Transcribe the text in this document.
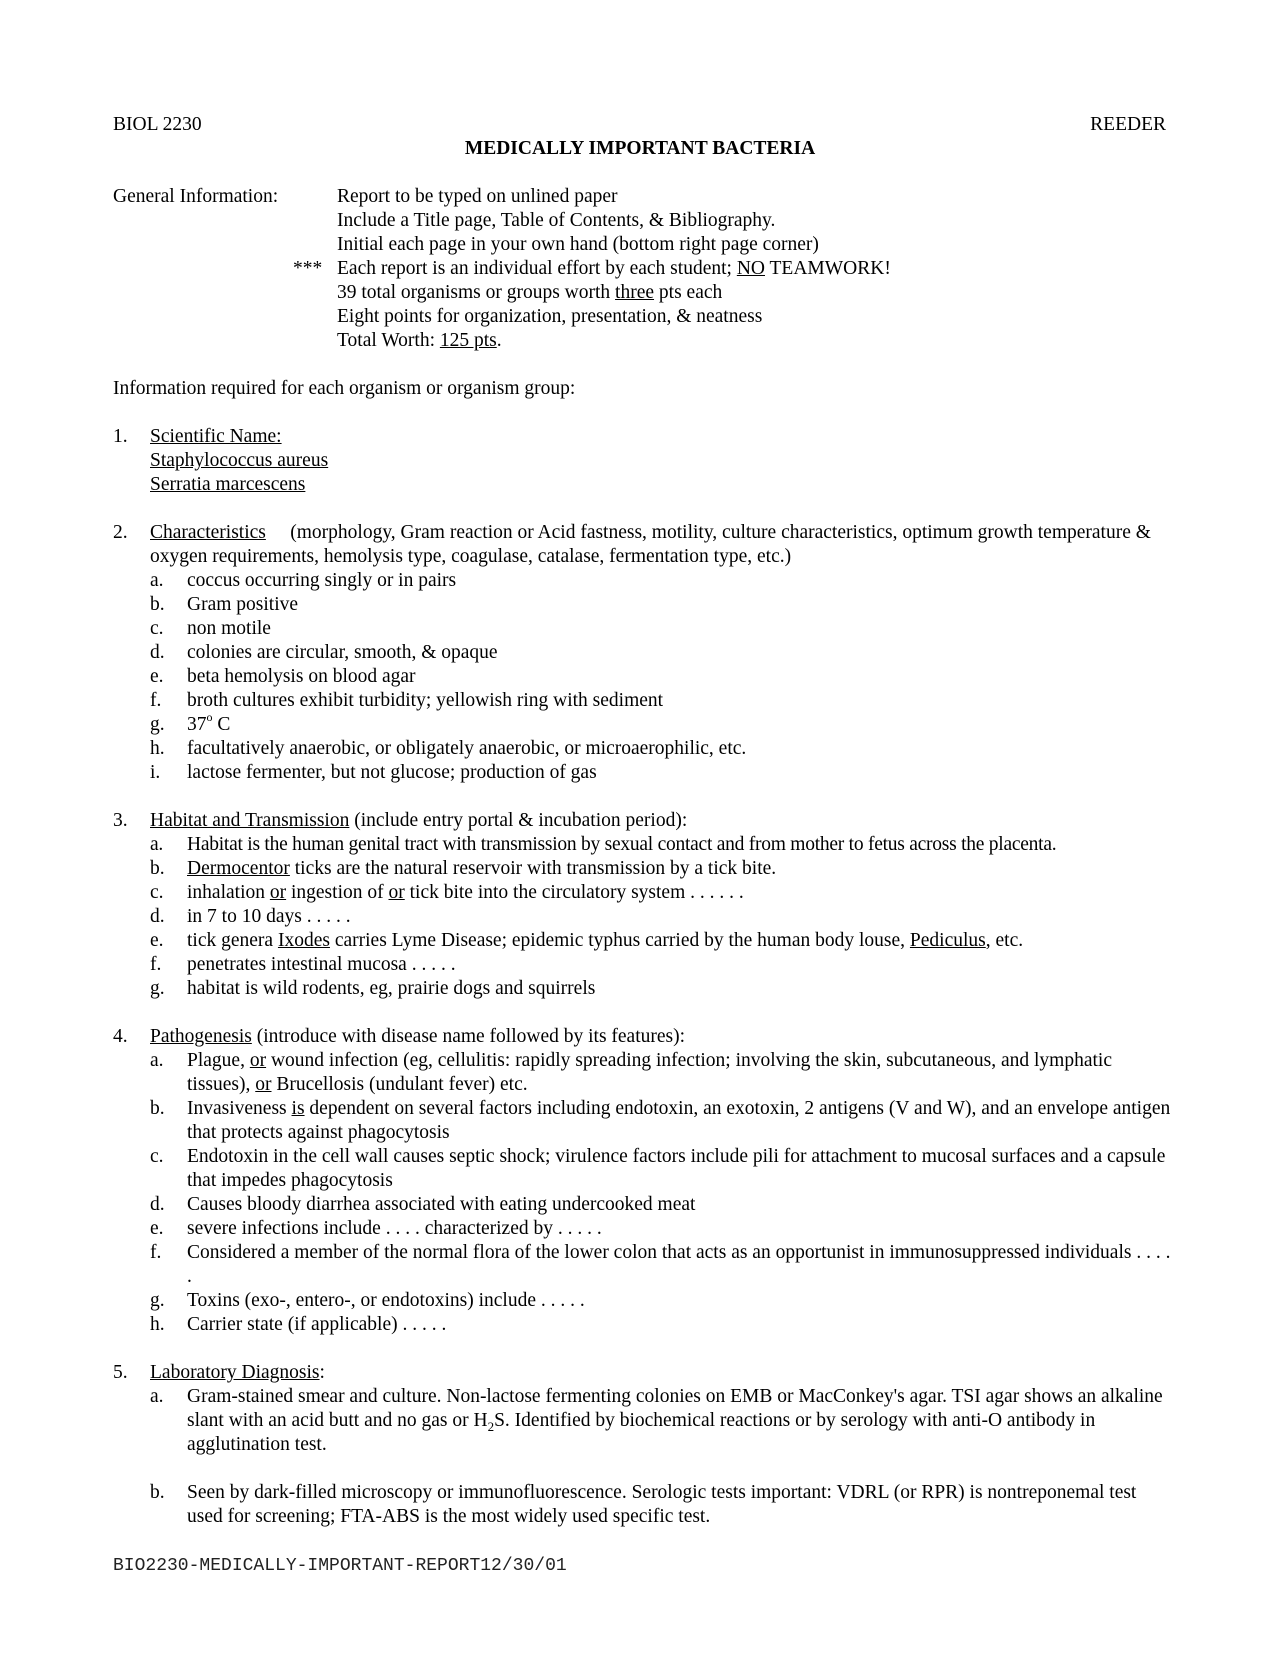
BIOL 2230	REEDER
MEDICALLY IMPORTANT BACTERIA
General Information:	Report to be typed on unlined paper
Include a Title page, Table of Contents, & Bibliography.
Initial each page in your own hand (bottom right page corner)
*** Each report is an individual effort by each student; NO TEAMWORK!
39 total organisms or groups worth three pts each
Eight points for organization, presentation, & neatness
Total Worth: 125 pts.
Information required for each organism or organism group:
1. Scientific Name:
Staphylococcus aureus
Serratia marcescens
2. Characteristics (morphology, Gram reaction or Acid fastness, motility, culture characteristics, optimum growth temperature & oxygen requirements, hemolysis type, coagulase, catalase, fermentation type, etc.)
a. coccus occurring singly or in pairs
b. Gram positive
c. non motile
d. colonies are circular, smooth, & opaque
e. beta hemolysis on blood agar
f. broth cultures exhibit turbidity; yellowish ring with sediment
g. 37$^o$ C
h. facultatively anaerobic, or obligately anaerobic, or microaerophilic, etc.
i. lactose fermenter, but not glucose; production of gas
3. Habitat and Transmission (include entry portal & incubation period):
a. Habitat is the human genital tract with transmission by sexual contact and from mother to fetus across the placenta.
b. Dermocentor ticks are the natural reservoir with transmission by a tick bite.
c. inhalation or ingestion of or tick bite into the circulatory system . . . . . .
d. in 7 to 10 days . . . . .
e. tick genera Ixodes carries Lyme Disease; epidemic typhus carried by the human body louse, Pediculus, etc.
f. penetrates intestinal mucosa . . . . .
g. habitat is wild rodents, eg, prairie dogs and squirrels
4. Pathogenesis (introduce with disease name followed by its features):
a. Plague, or wound infection (eg, cellulitis: rapidly spreading infection; involving the skin, subcutaneous, and lymphatic tissues), or Brucellosis (undulant fever) etc.
b. Invasiveness is dependent on several factors including endotoxin, an exotoxin, 2 antigens (V and W), and an envelope antigen that protects against phagocytosis
c. Endotoxin in the cell wall causes septic shock; virulence factors include pili for attachment to mucosal surfaces and a capsule that impedes phagocytosis
d. Causes bloody diarrhea associated with eating undercooked meat
e. severe infections include . . . . characterized by . . . . .
f. Considered a member of the normal flora of the lower colon that acts as an opportunist in immunosuppressed individuals . . . . .
g. Toxins (exo-, entero-, or endotoxins) include . . . . .
h. Carrier state (if applicable) . . . . .
5. Laboratory Diagnosis:
a. Gram-stained smear and culture. Non-lactose fermenting colonies on EMB or MacConkey's agar. TSI agar shows an alkaline slant with an acid butt and no gas or $H_2S$. Identified by biochemical reactions or by serology with anti-O antibody in agglutination test.
b. Seen by dark-filled microscopy or immunofluorescence. Serologic tests important: VDRL (or RPR) is nontreponemal test used for screening; FTA-ABS is the most widely used specific test.
BIO2230-MEDICALLY-IMPORTANT-REPORT12/30/01
